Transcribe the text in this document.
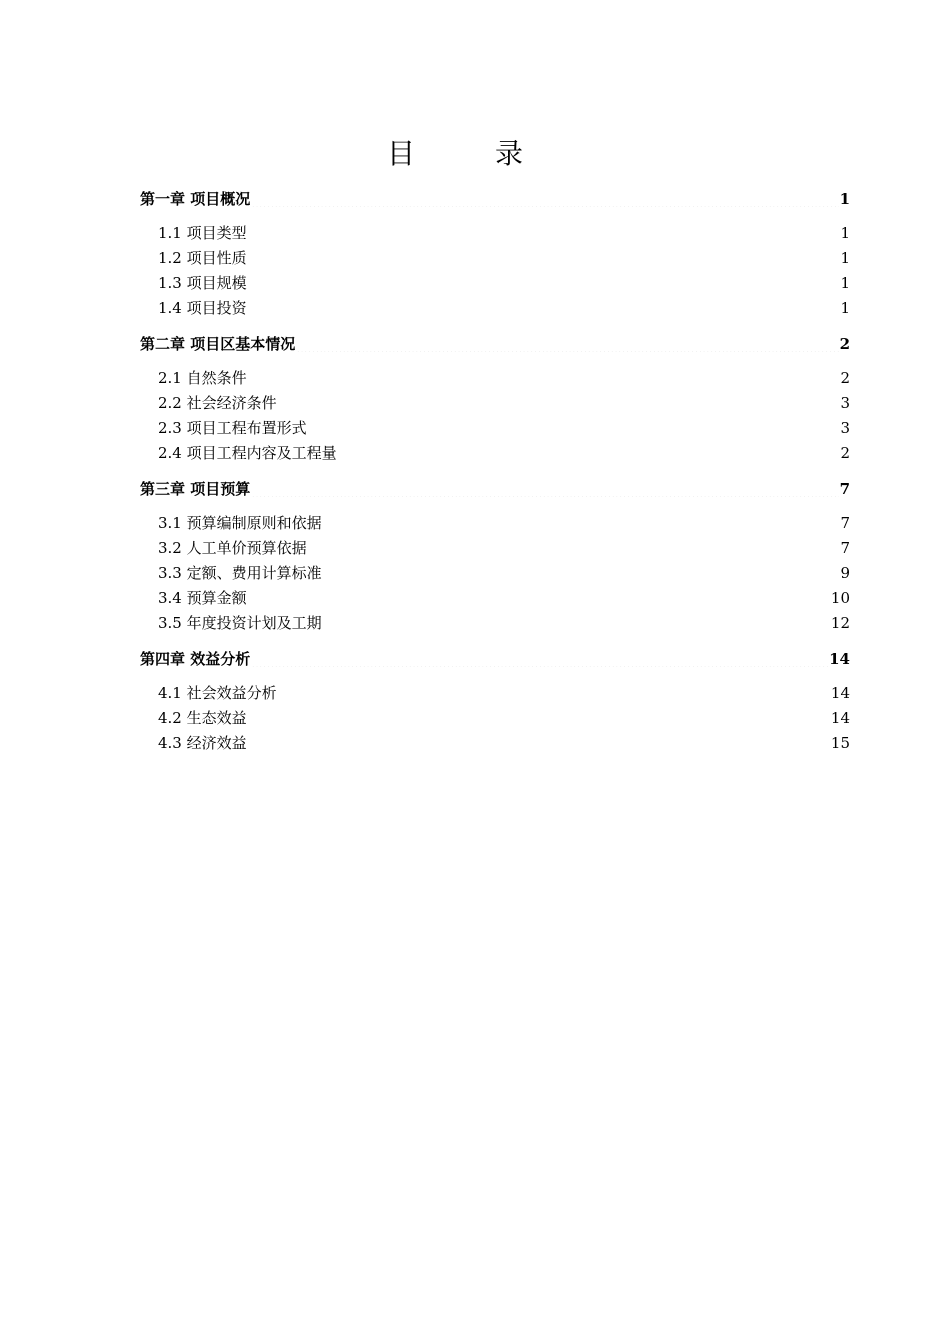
目录
第一章 项目概况 .....	1
1.1 项目类型 .....	1
1.2 项目性质 .....	1
1.3 项目规模 .....	1
1.4 项目投资 .....	1
第二章 项目区基本情况 .....	2
2.1 自然条件 .....	2
2.2 社会经济条件 .....	3
2.3 项目工程布置形式 .....	3
2.4 项目工程内容及工程量 .....	2
第三章 项目预算 .....	7
3.1 预算编制原则和依据 .....	7
3.2 人工单价预算依据 .....	7
3.3 定额、费用计算标准 .....	9
3.4 预算金额 .....	10
3.5 年度投资计划及工期 .....	12
第四章 效益分析 .....	14
4.1 社会效益分析 .....	14
4.2 生态效益 .....	14
4.3 经济效益 .....	15
